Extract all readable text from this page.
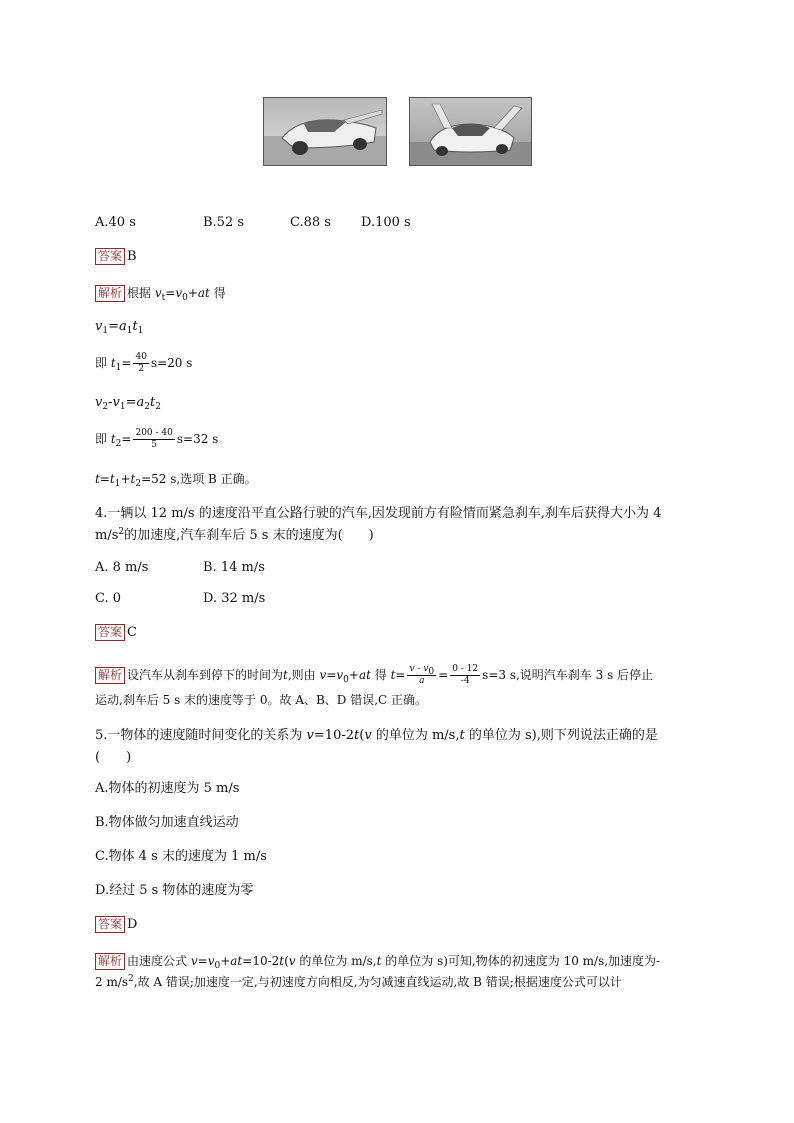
A.40 s	B.52 s	C.88 s D.100 s
答案 B
解析 根据 $v_t=v_0+at$ 得
$v_1=a_1t_1$
即 $t_1= \frac{40}{2} s=20$ s
$v_2-v_1=a_2t_2$
即 $t_2= \frac{200 - 40}{5} s=32$ s
$t=t_1+t_2=52$ s,选项 B 正确。
4.一辆以 12 m/s 的速度沿平直公路行驶的汽车,因发现前方有险情而紧急刹车,刹车后获得大小为 4
$m/s^2$的加速度,汽车刹车后 5 s 末的速度为(　　)
A. 8 m/s	B. 14 m/s
C. 0	D. 32 m/s
答案 C
解析 设汽车从刹车到停下的时间为t,则由 $v=v_0+at$ 得 $t= \frac{v - v_0}{a} = \frac{0 - 12}{-4} s=3$ s,说明汽车刹车 3 s 后停止
运动,刹车后 5 s 末的速度等于 0。故 A、B、D 错误,C 正确。
5.一物体的速度随时间变化的关系为 v=10-2t(v 的单位为 m/s,t 的单位为 s),则下列说法正确的是
(　　)
A.物体的初速度为 5 m/s
B.物体做匀加速直线运动
C.物体 4 s 末的速度为 1 m/s
D.经过 5 s 物体的速度为零
答案 D
解析 由速度公式 $v=v_0+at=10-2t(v$ 的单位为 m/s,t 的单位为 s)可知,物体的初速度为 10 m/s,加速度为-
2 $m/s^2$,故 A 错误;加速度一定,与初速度方向相反,为匀减速直线运动,故 B 错误;根据速度公式可以计
